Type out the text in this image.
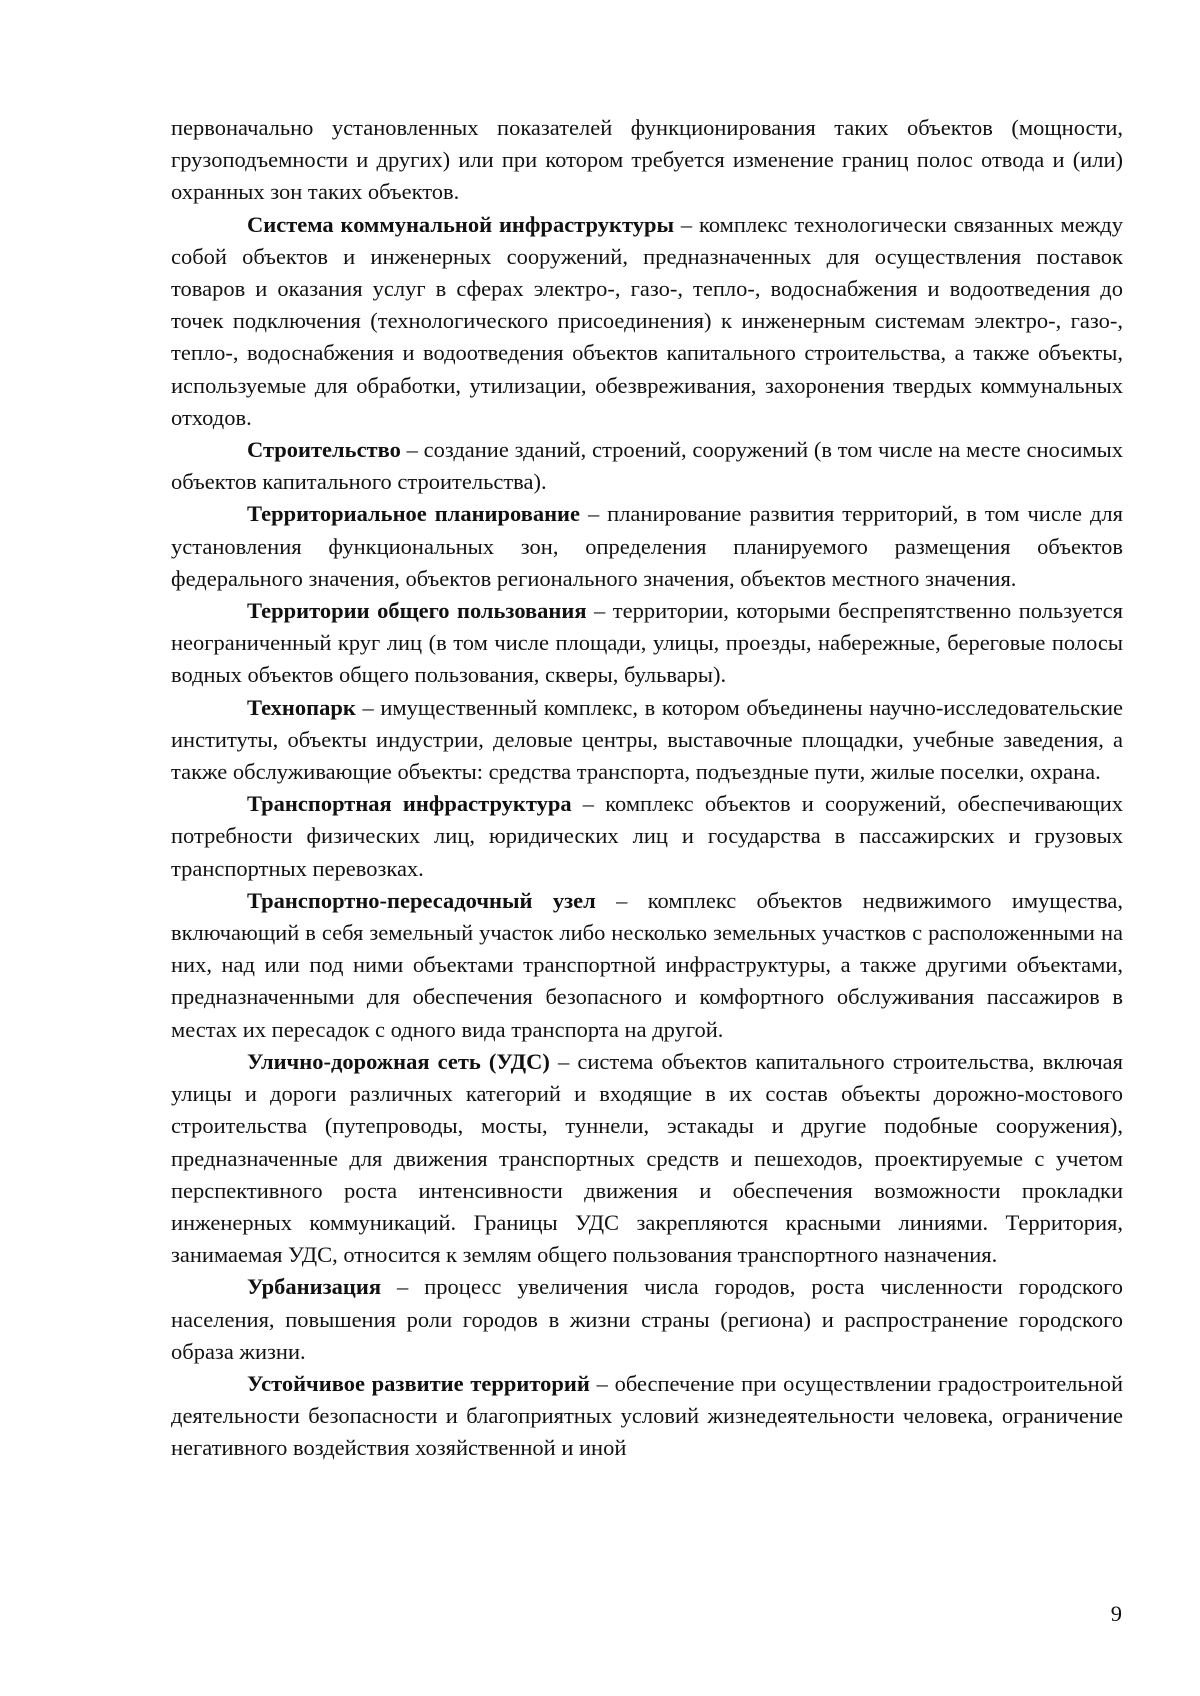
первоначально установленных показателей функционирования таких объектов (мощности, грузоподъемности и других) или при котором требуется изменение границ полос отвода и (или) охранных зон таких объектов.

Система коммунальной инфраструктуры – комплекс технологически связанных между собой объектов и инженерных сооружений, предназначенных для осуществления поставок товаров и оказания услуг в сферах электро-, газо-, тепло-, водоснабжения и водоотведения до точек подключения (технологического присоединения) к инженерным системам электро-, газо-, тепло-, водоснабжения и водоотведения объектов капитального строительства, а также объекты, используемые для обработки, утилизации, обезвреживания, захоронения твердых коммунальных отходов.

Строительство – создание зданий, строений, сооружений (в том числе на месте сносимых объектов капитального строительства).

Территориальное планирование – планирование развития территорий, в том числе для установления функциональных зон, определения планируемого размещения объектов федерального значения, объектов регионального значения, объектов местного значения.

Территории общего пользования – территории, которыми беспрепятственно пользуется неограниченный круг лиц (в том числе площади, улицы, проезды, набережные, береговые полосы водных объектов общего пользования, скверы, бульвары).

Технопарк – имущественный комплекс, в котором объединены научно-исследовательские институты, объекты индустрии, деловые центры, выставочные площадки, учебные заведения, а также обслуживающие объекты: средства транспорта, подъездные пути, жилые поселки, охрана.

Транспортная инфраструктура – комплекс объектов и сооружений, обеспечивающих потребности физических лиц, юридических лиц и государства в пассажирских и грузовых транспортных перевозках.

Транспортно-пересадочный узел – комплекс объектов недвижимого имущества, включающий в себя земельный участок либо несколько земельных участков с расположенными на них, над или под ними объектами транспортной инфраструктуры, а также другими объектами, предназначенными для обеспечения безопасного и комфортного обслуживания пассажиров в местах их пересадок с одного вида транспорта на другой.

Улично-дорожная сеть (УДС) – система объектов капитального строительства, включая улицы и дороги различных категорий и входящие в их состав объекты дорожно-мостового строительства (путепроводы, мосты, туннели, эстакады и другие подобные сооружения), предназначенные для движения транспортных средств и пешеходов, проектируемые с учетом перспективного роста интенсивности движения и обеспечения возможности прокладки инженерных коммуникаций. Границы УДС закрепляются красными линиями. Территория, занимаемая УДС, относится к землям общего пользования транспортного назначения.

Урбанизация – процесс увеличения числа городов, роста численности городского населения, повышения роли городов в жизни страны (региона) и распространение городского образа жизни.

Устойчивое развитие территорий – обеспечение при осуществлении градостроительной деятельности безопасности и благоприятных условий жизнедеятельности человека, ограничение негативного воздействия хозяйственной и иной

9
